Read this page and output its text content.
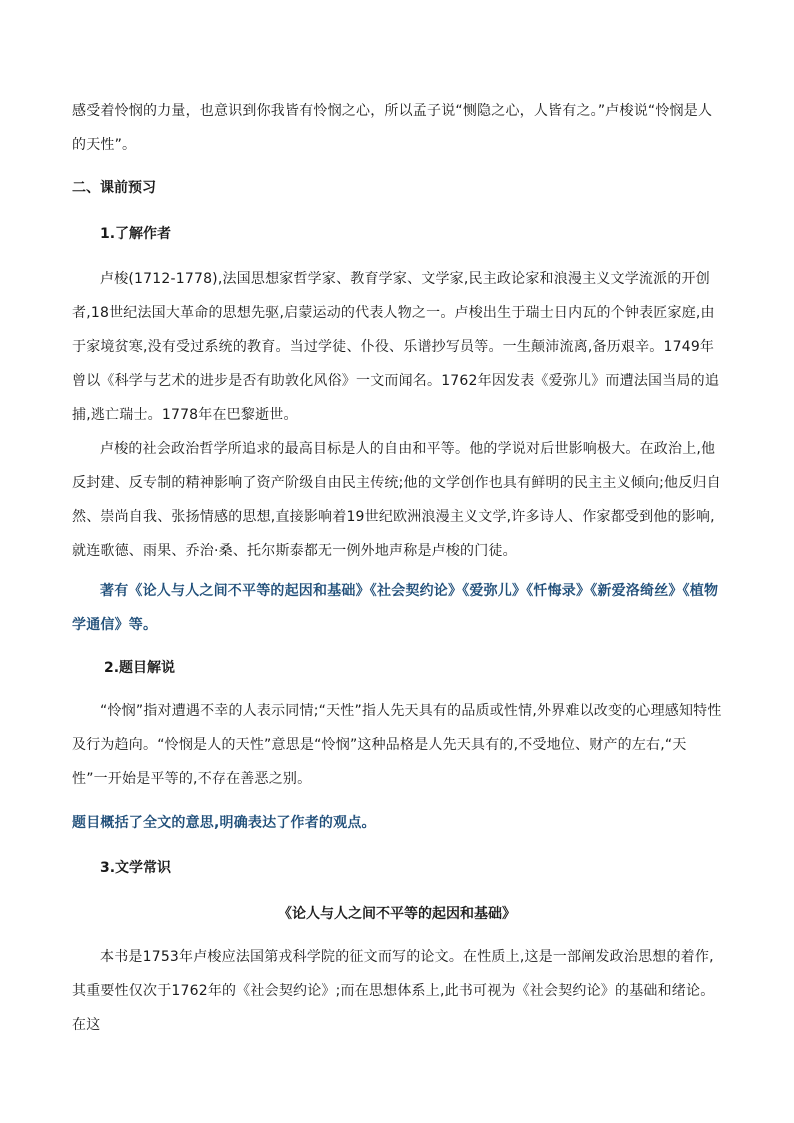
感受着怜悯的力量，也意识到你我皆有怜悯之心，所以孟子说“恻隐之心，人皆有之。”卢梭说“怜悯是人的天性”。
二、课前预习
1.了解作者
卢梭(1712-1778),法国思想家哲学家、教育学家、文学家,民主政论家和浪漫主义文学流派的开创者,18世纪法国大革命的思想先驱,启蒙运动的代表人物之一。卢梭出生于瑞士日内瓦的个钟表匠家庭,由于家境贫寒,没有受过系统的教育。当过学徒、仆役、乐谱抄写员等。一生颠沛流离,备历艰辛。1749年曾以《科学与艺术的进步是否有助敦化风俗》一文而闻名。1762年因发表《爱弥儿》而遭法国当局的追捕,逃亡瑞士。1778年在巴黎逝世。
卢梭的社会政治哲学所追求的最高目标是人的自由和平等。他的学说对后世影响极大。在政治上,他反封建、反专制的精神影响了资产阶级自由民主传统;他的文学创作也具有鲜明的民主主义倾向;他反归自然、崇尚自我、张扬情感的思想,直接影响着19世纪欧洲浪漫主义文学,许多诗人、作家都受到他的影响,就连歌德、雨果、乔治·桑、托尔斯泰都无一例外地声称是卢梭的门徒。
著有《论人与人之间不平等的起因和基础》《社会契约论》《爱弥儿》《忏悔录》《新爱洛绮丝》《植物学通信》等。
2.题目解说
“怜悯”指对遭遇不幸的人表示同情;“天性”指人先天具有的品质或性情,外界难以改变的心理感知特性及行为趋向。“怜悯是人的天性”意思是“怜悯”这种品格是人先天具有的,不受地位、财产的左右,“天性”一开始是平等的,不存在善恶之别。
题目概括了全文的意思,明确表达了作者的观点。
3.文学常识
《论人与人之间不平等的起因和基础》
本书是1753年卢梭应法国第戎科学院的征文而写的论文。在性质上,这是一部阐发政治思想的着作,其重要性仅次于1762年的《社会契约论》;而在思想体系上,此书可视为《社会契约论》的基础和绪论。在这
